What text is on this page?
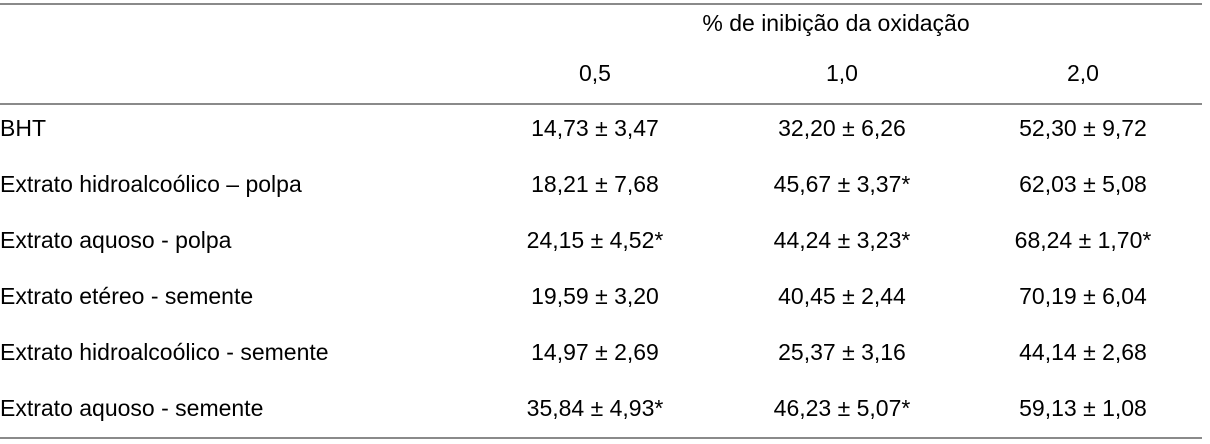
% de inibição da oxidação
0,5	1,0	2,0
BHT	14,73 ± 3,47	32,20 ± 6,26	52,30 ± 9,72
Extrato hidroalcoólico – polpa	18,21 ± 7,68	45,67 ± 3,37*	62,03 ± 5,08
Extrato aquoso - polpa	24,15 ± 4,52*	44,24 ± 3,23*	68,24 ± 1,70*
Extrato etéreo - semente	19,59 ± 3,20	40,45 ± 2,44	70,19 ± 6,04
Extrato hidroalcoólico - semente	14,97 ± 2,69	25,37 ± 3,16	44,14 ± 2,68
Extrato aquoso - semente	35,84 ± 4,93*	46,23 ± 5,07*	59,13 ± 1,08
